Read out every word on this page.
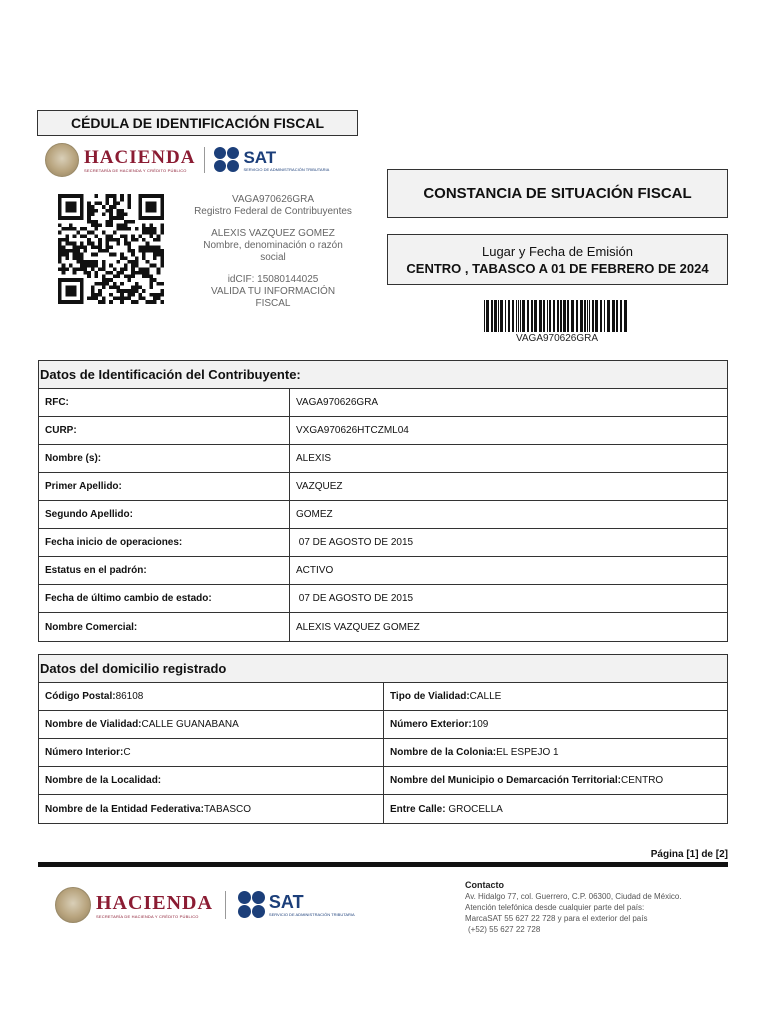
CÉDULA DE IDENTIFICACIÓN FISCAL
HACIENDA
SECRETARÍA DE HACIENDA Y CRÉDITO PÚBLICO
SAT
SERVICIO DE ADMINISTRACIÓN TRIBUTARIA
VAGA970626GRA
Registro Federal de Contribuyentes
ALEXIS VAZQUEZ GOMEZ
Nombre, denominación o razón social
idCIF: 15080144025
VALIDA TU INFORMACIÓN FISCAL
CONSTANCIA DE SITUACIÓN FISCAL
Lugar y Fecha de Emisión
CENTRO , TABASCO A 01 DE FEBRERO DE 2024
VAGA970626GRA
Datos de Identificación del Contribuyente:
RFC:	VAGA970626GRA
CURP:	VXGA970626HTCZML04
Nombre (s):	ALEXIS
Primer Apellido:	VAZQUEZ
Segundo Apellido:	GOMEZ
Fecha inicio de operaciones:	07 DE AGOSTO DE 2015
Estatus en el padrón:	ACTIVO
Fecha de último cambio de estado:	07 DE AGOSTO DE 2015
Nombre Comercial:	ALEXIS VAZQUEZ GOMEZ
Datos del domicilio registrado
Código Postal: 86108	Tipo de Vialidad: CALLE
Nombre de Vialidad: CALLE GUANABANA	Número Exterior: 109
Número Interior: C	Nombre de la Colonia: EL ESPEJO 1
Nombre de la Localidad:	Nombre del Municipio o Demarcación Territorial: CENTRO
Nombre de la Entidad Federativa: TABASCO	Entre Calle: GROCELLA
Página [1] de [2]
HACIENDA
SECRETARÍA DE HACIENDA Y CRÉDITO PÚBLICO
SAT
SERVICIO DE ADMINISTRACIÓN TRIBUTARIA
Contacto
Av. Hidalgo 77, col. Guerrero, C.P. 06300, Ciudad de México.
Atención telefónica desde cualquier parte del país:
MarcaSAT 55 627 22 728 y para el exterior del país
(+52) 55 627 22 728
